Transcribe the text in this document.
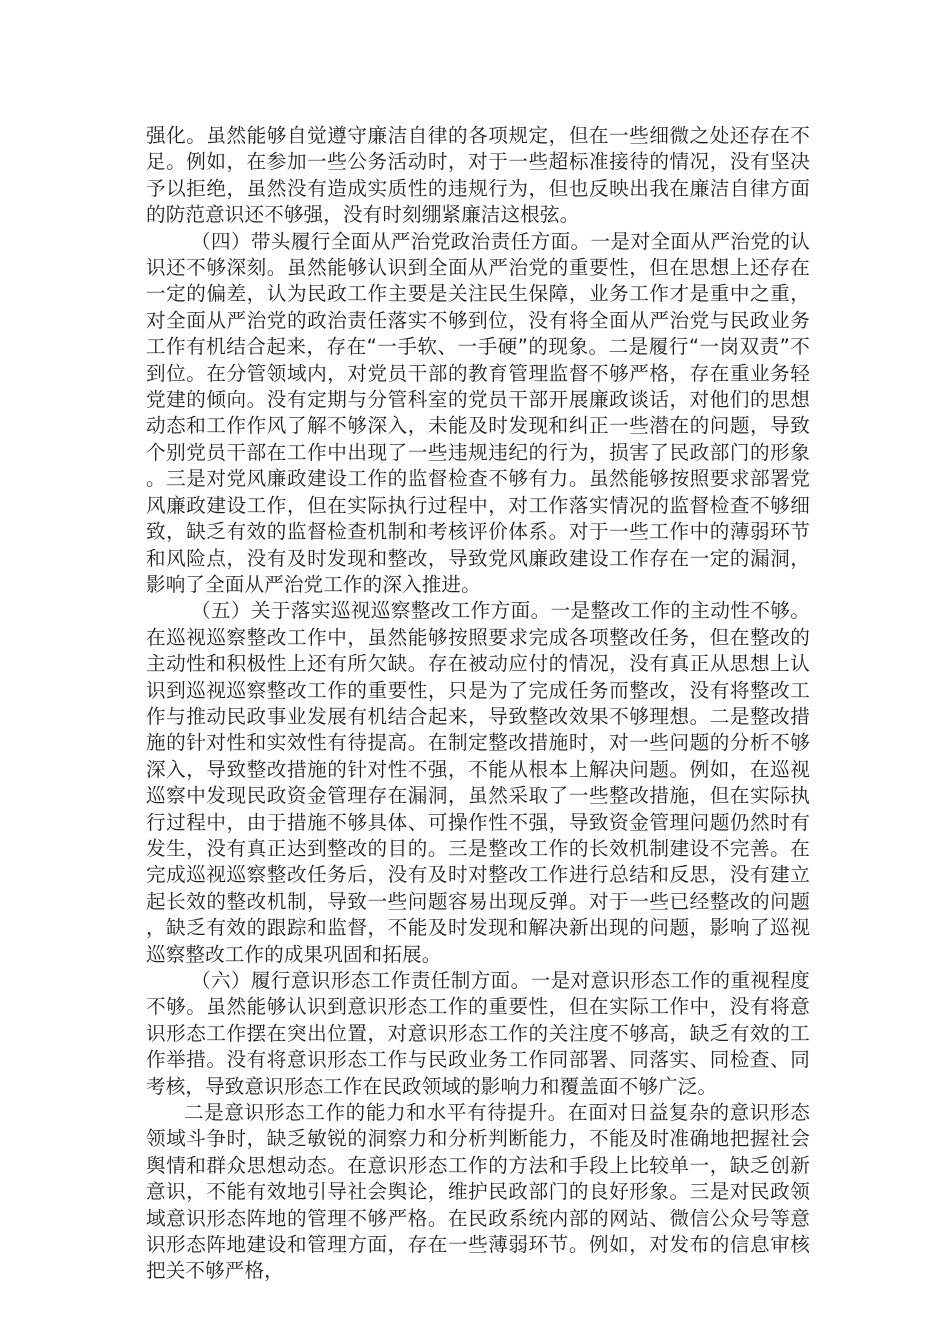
强化。虽然能够自觉遵守廉洁自律的各项规定，但在一些细微之处还存在不足。例如，在参加一些公务活动时，对于一些超标准接待的情况，没有坚决予以拒绝，虽然没有造成实质性的违规行为，但也反映出我在廉洁自律方面的防范意识还不够强，没有时刻绷紧廉洁这根弦。

（四）带头履行全面从严治党政治责任方面。一是对全面从严治党的认识还不够深刻。虽然能够认识到全面从严治党的重要性，但在思想上还存在一定的偏差，认为民政工作主要是关注民生保障，业务工作才是重中之重，对全面从严治党的政治责任落实不够到位，没有将全面从严治党与民政业务工作有机结合起来，存在“一手软、一手硬”的现象。二是履行“一岗双责”不到位。在分管领域内，对党员干部的教育管理监督不够严格，存在重业务轻党建的倾向。没有定期与分管科室的党员干部开展廉政谈话，对他们的思想动态和工作作风了解不够深入，未能及时发现和纠正一些潜在的问题，导致个别党员干部在工作中出现了一些违规违纪的行为，损害了民政部门的形象。三是对党风廉政建设工作的监督检查不够有力。虽然能够按照要求部署党风廉政建设工作，但在实际执行过程中，对工作落实情况的监督检查不够细致，缺乏有效的监督检查机制和考核评价体系。对于一些工作中的薄弱环节和风险点，没有及时发现和整改，导致党风廉政建设工作存在一定的漏洞，影响了全面从严治党工作的深入推进。

（五）关于落实巡视巡察整改工作方面。一是整改工作的主动性不够。在巡视巡察整改工作中，虽然能够按照要求完成各项整改任务，但在整改的主动性和积极性上还有所欠缺。存在被动应付的情况，没有真正从思想上认识到巡视巡察整改工作的重要性，只是为了完成任务而整改，没有将整改工作与推动民政事业发展有机结合起来，导致整改效果不够理想。二是整改措施的针对性和实效性有待提高。在制定整改措施时，对一些问题的分析不够深入，导致整改措施的针对性不强，不能从根本上解决问题。例如，在巡视巡察中发现民政资金管理存在漏洞，虽然采取了一些整改措施，但在实际执行过程中，由于措施不够具体、可操作性不强，导致资金管理问题仍然时有发生，没有真正达到整改的目的。三是整改工作的长效机制建设不完善。在完成巡视巡察整改任务后，没有及时对整改工作进行总结和反思，没有建立起长效的整改机制，导致一些问题容易出现反弹。对于一些已经整改的问题，缺乏有效的跟踪和监督，不能及时发现和解决新出现的问题，影响了巡视巡察整改工作的成果巩固和拓展。

（六）履行意识形态工作责任制方面。一是对意识形态工作的重视程度不够。虽然能够认识到意识形态工作的重要性，但在实际工作中，没有将意识形态工作摆在突出位置，对意识形态工作的关注度不够高，缺乏有效的工作举措。没有将意识形态工作与民政业务工作同部署、同落实、同检查、同考核，导致意识形态工作在民政领域的影响力和覆盖面不够广泛。

二是意识形态工作的能力和水平有待提升。在面对日益复杂的意识形态领域斗争时，缺乏敏锐的洞察力和分析判断能力，不能及时准确地把握社会舆情和群众思想动态。在意识形态工作的方法和手段上比较单一，缺乏创新意识，不能有效地引导社会舆论，维护民政部门的良好形象。三是对民政领域意识形态阵地的管理不够严格。在民政系统内部的网站、微信公众号等意识形态阵地建设和管理方面，存在一些薄弱环节。例如，对发布的信息审核把关不够严格，
